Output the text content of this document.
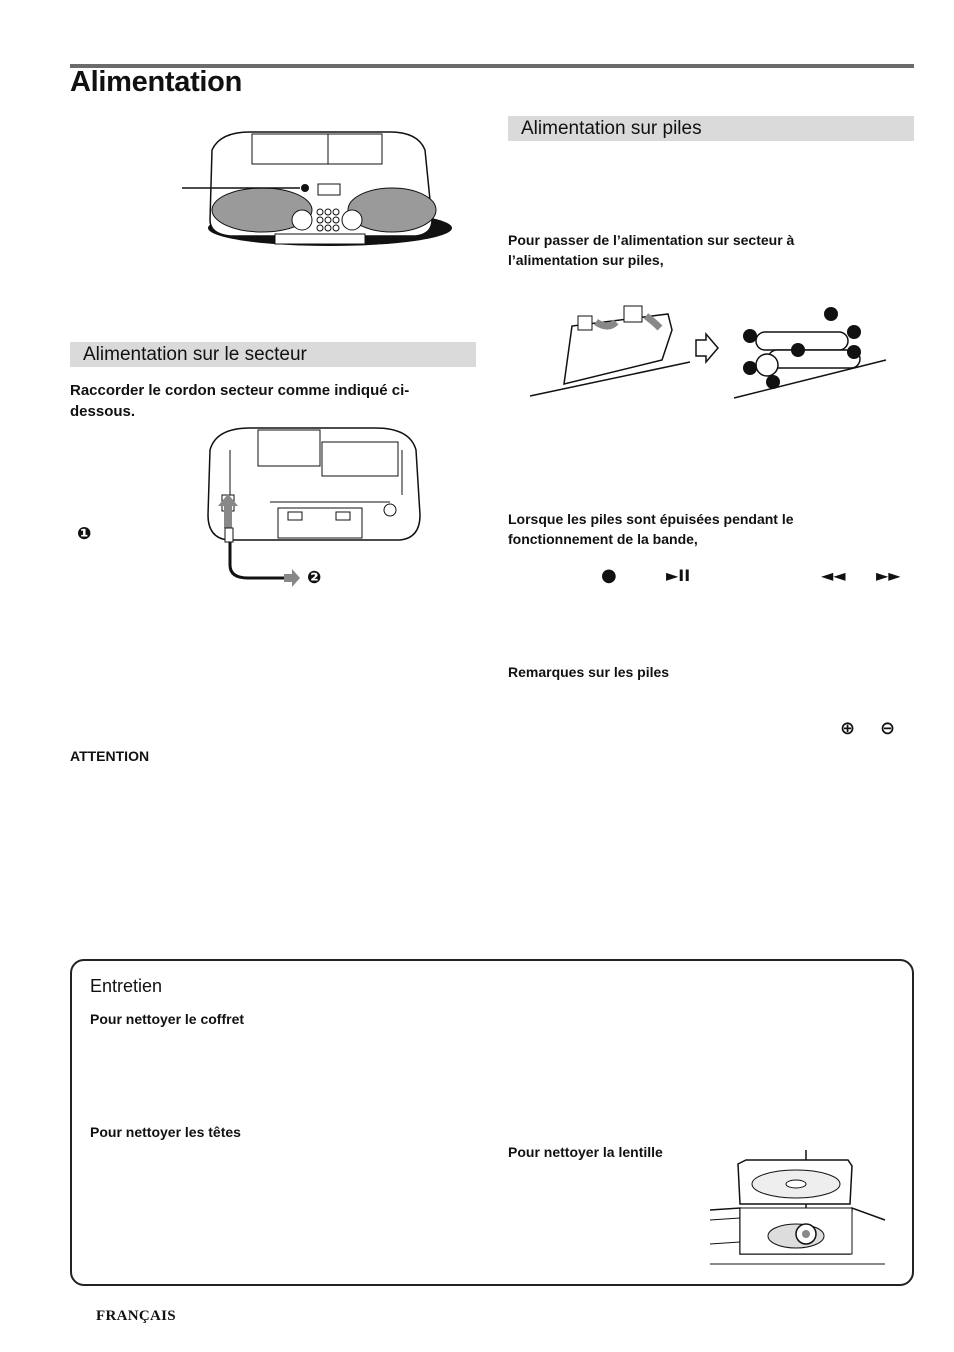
Alimentation
Alimentation sur le secteur
Raccorder le cordon secteur comme indiqué ci-
dessous.
❶
❷
ATTENTION
Alimentation sur piles
Pour passer de l’alimentation sur secteur à
l’alimentation sur piles,
Lorsque les piles sont épuisées pendant le
fonctionnement de la bande,
●	►II	◄◄ ►►
Remarques sur les piles
⊕ ⊖
Entretien
Pour nettoyer le coffret
Pour nettoyer les têtes
Pour nettoyer la lentille
FRANÇAIS
